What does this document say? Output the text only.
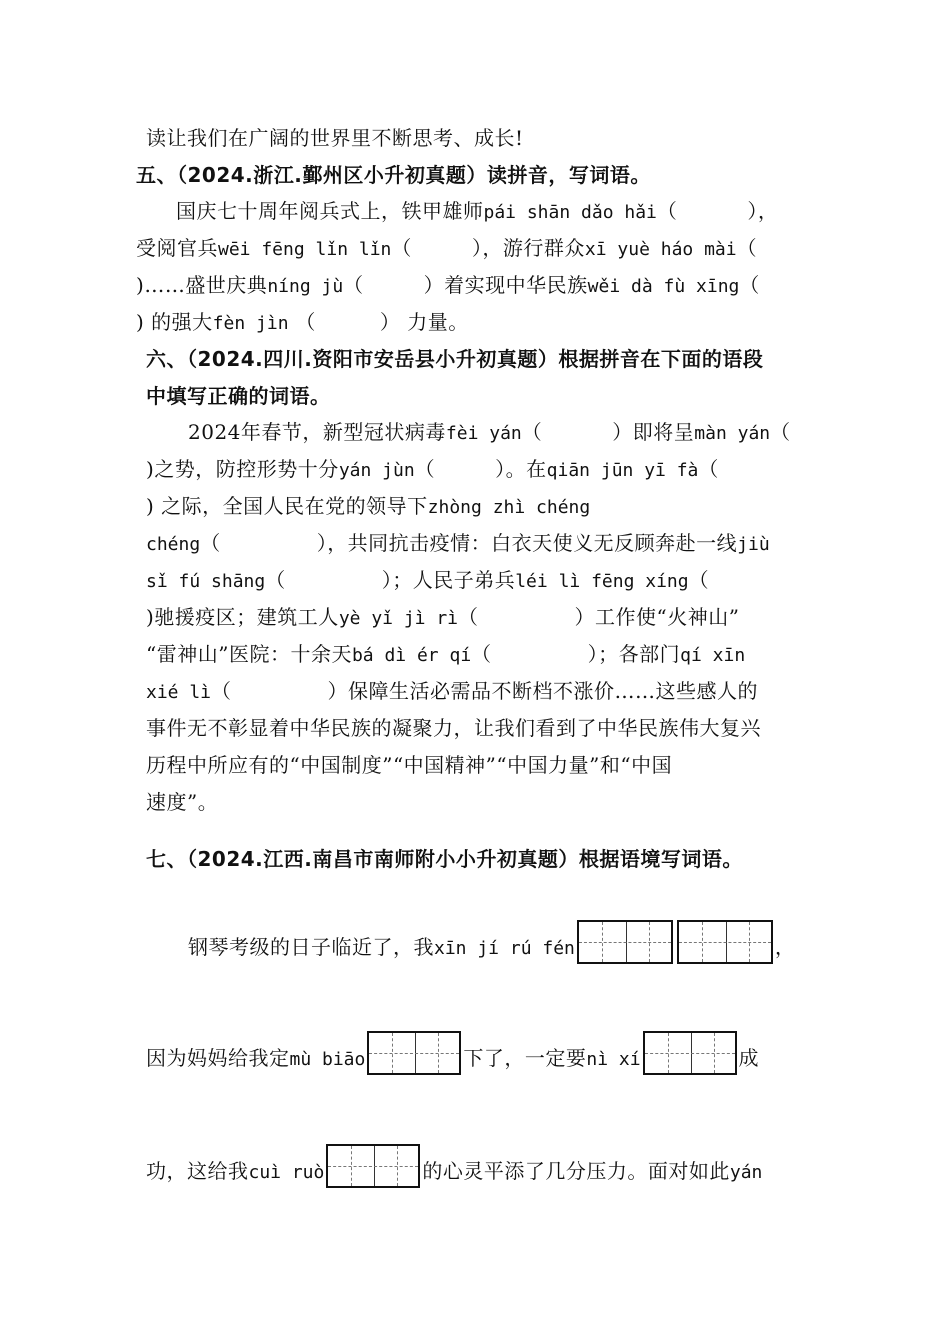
读让我们在广阔的世界里不断思考、成长!
五、（2024.浙江.鄞州区小升初真题）读拼音，写词语。
国庆七十周年阅兵式上，铁甲雄师pái shān dǎo hǎi（	），
受阅官兵wēi fēng lǐn lǐn（	），游行群众xī yuè háo mài（
)……盛世庆典níng jù（	）着实现中华民族wěi dà fù xīng（
) 的强大fèn jìn （	） 力量。
六、（2024.四川.资阳市安岳县小升初真题）根据拼音在下面的语段
中填写正确的词语。
2024年春节，新型冠状病毒fèi yán（	）即将呈màn yán（
)之势，防控形势十分yán jùn（	）。在qiān jūn yī fà（
) 之际，全国人民在党的领导下zhòng zhì chéng
chéng（	），共同抗击疫情：白衣天使义无反顾奔赴一线jiù
sǐ fú shāng（	）；人民子弟兵léi lì fēng xíng（
)驰援疫区；建筑工人yè yǐ jì rì（	）工作使“火神山”
“雷神山”医院：十余天bá dì ér qí（	）；各部门qí xīn
xié lì（	）保障生活必需品不断档不涨价……这些感人的
事件无不彰显着中华民族的凝聚力，让我们看到了中华民族伟大复兴
历程中所应有的“中国制度”“中国精神”“中国力量”和“中国
速度”。
七、（2024.江西.南昌市南师附小小升初真题）根据语境写词语。
钢琴考级的日子临近了，我xīn jí rú fén	，
因为妈妈给我定mù biāo	下了，一定要nì xí	成
功，这给我cuì ruò	的心灵平添了几分压力。面对如此yán
